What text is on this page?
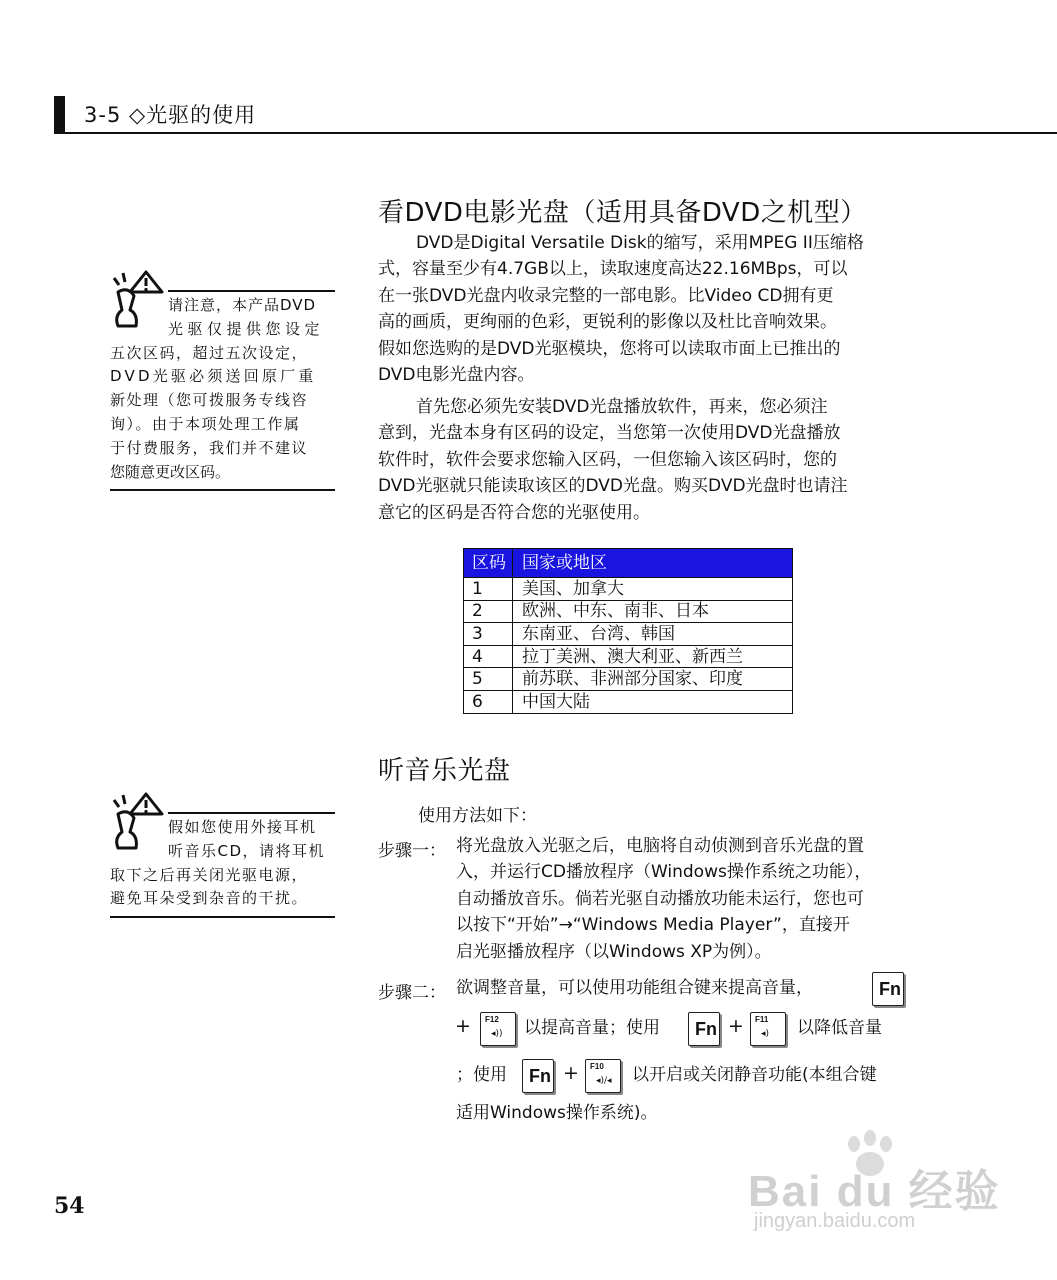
3-5 ◇光驱的使用
看DVD电影光盘（适用具备DVD之机型）
DVD是Digital Versatile Disk的缩写，采用MPEG II压缩格
式，容量至少有4.7GB以上，读取速度高达22.16MBps，可以
在一张DVD光盘内收录完整的一部电影。比Video CD拥有更
高的画质，更绚丽的色彩，更锐利的影像以及杜比音响效果。
假如您选购的是DVD光驱模块，您将可以读取市面上已推出的
DVD电影光盘内容。
首先您必须先安装DVD光盘播放软件，再来，您必须注
意到，光盘本身有区码的设定，当您第一次使用DVD光盘播放
软件时，软件会要求您输入区码，一但您输入该区码时，您的
DVD光驱就只能读取该区的DVD光盘。购买DVD光盘时也请注
意它的区码是否符合您的光驱使用。
请注意，本产品DVD
光驱仅提供您设定
五次区码，超过五次设定，
DVD光驱必须送回原厂重
新处理（您可拨服务专线咨
询）。由于本项处理工作属
于付费服务，我们并不建议
您随意更改区码。
区码	国家或地区
1	美国、加拿大
2	欧洲、中东、南非、日本
3	东南亚、台湾、韩国
4	拉丁美洲、澳大利亚、新西兰
5	前苏联、非洲部分国家、印度
6	中国大陆
听音乐光盘
使用方法如下：
步骤一： 将光盘放入光驱之后，电脑将自动侦测到音乐光盘的置
入，并运行CD播放程序（Windows操作系统之功能），
自动播放音乐。倘若光驱自动播放功能未运行，您也可
以按下“开始”→“Windows Media Player”，直接开
启光驱播放程序（以Windows XP为例）。
步骤二： 欲调整音量，可以使用功能组合键来提高音量，	Fn
+ F12
◂)) 以提高音量；使用 Fn + F11
◂) 以降低音量
；使用 Fn + F10
◂)/◂ 以开启或关闭静音功能(本组合键
适用Windows操作系统)。
假如您使用外接耳机
听音乐CD，请将耳机
取下之后再关闭光驱电源，
避免耳朵受到杂音的干扰。
54	Bai du 经验
jingyan.baidu.com
